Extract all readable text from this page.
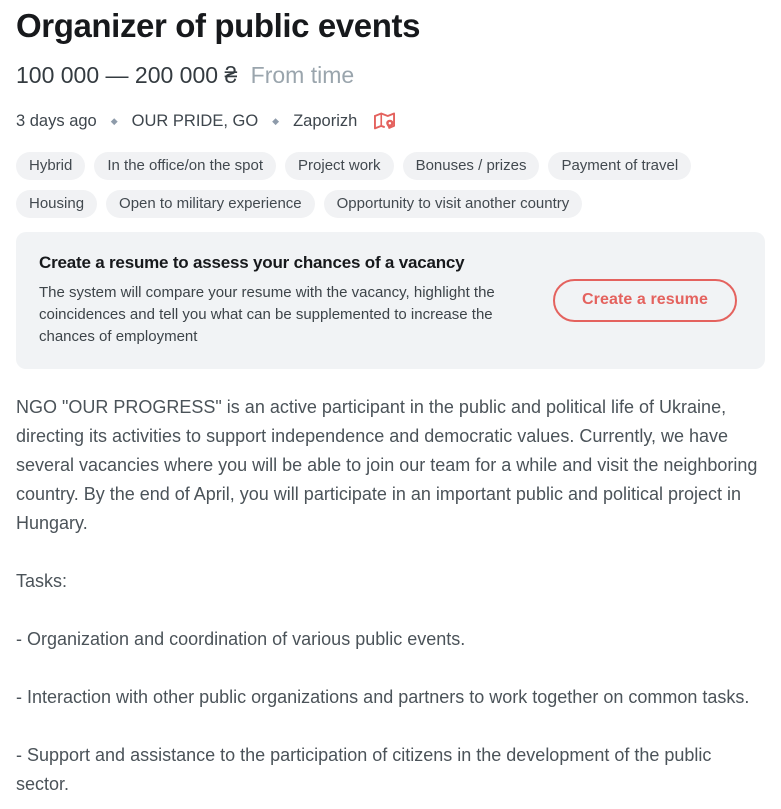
Organizer of public events
100 000 — 200 000 ₴ From time
3 days ago ◆ OUR PRIDE, GO ◆ Zaporizh
Hybrid	In the office/on the spot	Project work	Bonuses / prizes	Payment of travel
Housing	Open to military experience	Opportunity to visit another country
Create a resume to assess your chances of a vacancy
The system will compare your resume with the vacancy, highlight the coincidences and tell you what can be supplemented to increase the chances of employment
Create a resume

NGO "OUR PROGRESS" is an active participant in the public and political life of Ukraine, directing its activities to support independence and democratic values. Currently, we have several vacancies where you will be able to join our team for a while and visit the neighboring country. By the end of April, you will participate in an important public and political project in Hungary.

Tasks:

- Organization and coordination of various public events.

- Interaction with other public organizations and partners to work together on common tasks.

- Support and assistance to the participation of citizens in the development of the public sector.
